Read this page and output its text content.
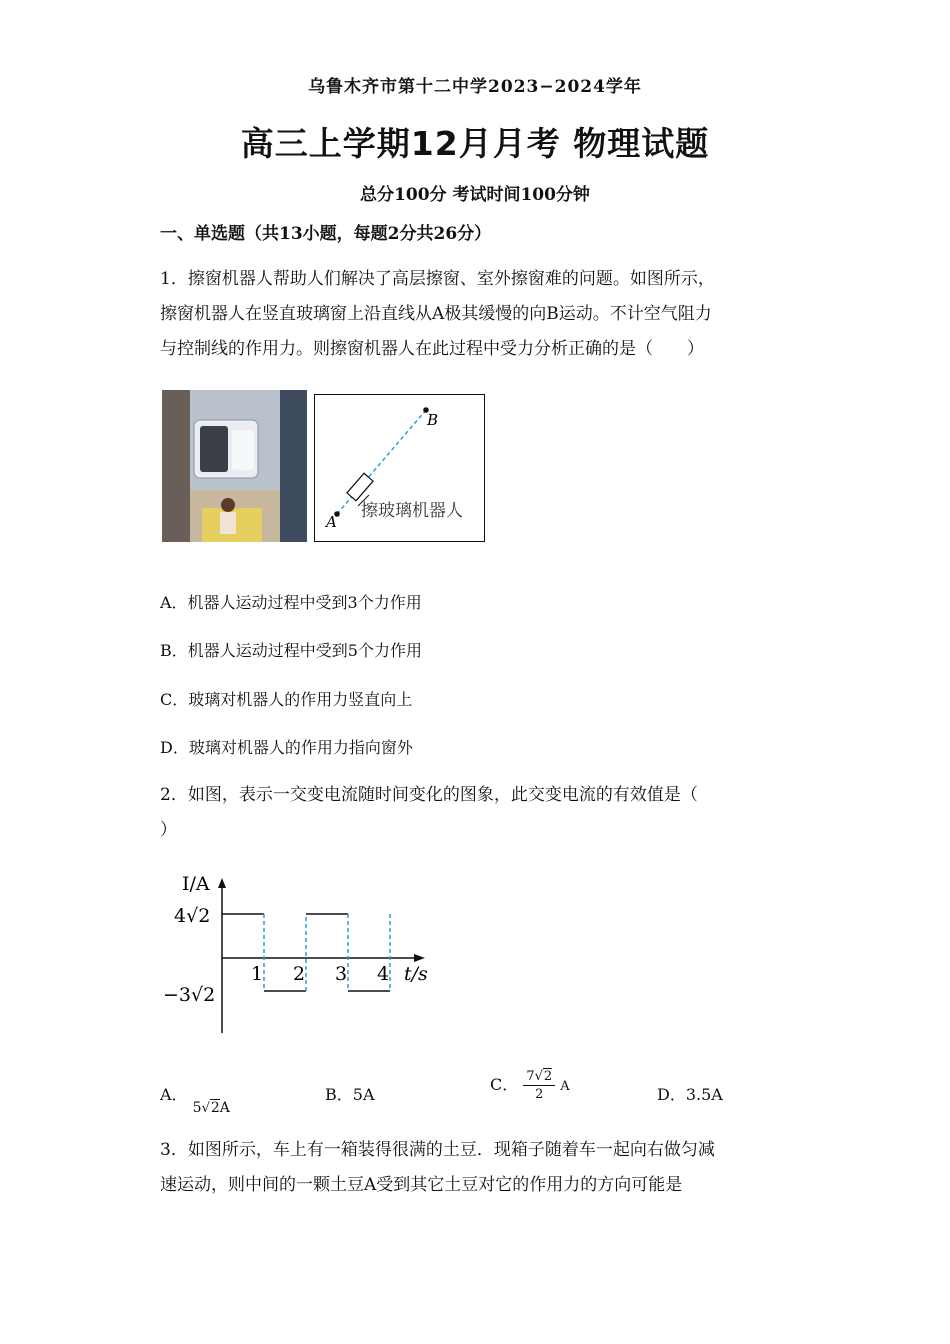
乌鲁木齐市第十二中学2023−2024学年
高三上学期12月月考 物理试题
总分100分 考试时间100分钟
一、单选题（共13小题，每题2分共26分）
1．擦窗机器人帮助人们解决了高层擦窗、室外擦窗难的问题。如图所示，
擦窗机器人在竖直玻璃窗上沿直线从A极其缓慢的向B运动。不计空气阻力
与控制线的作用力。则擦窗机器人在此过程中受力分析正确的是（　　）
A
B
擦玻璃机器人
A．机器人运动过程中受到3个力作用
B．机器人运动过程中受到5个力作用
C．玻璃对机器人的作用力竖直向上
D．玻璃对机器人的作用力指向窗外
2．如图，表示一交变电流随时间变化的图象，此交变电流的有效值是（
）
I/A
t/s
4√2
−3√2
1 2 3 4
A． 5√2A
B．5A
C． $\frac{7√2}{2}$ A	D．3.5A
3．如图所示，车上有一箱装得很满的土豆．现箱子随着车一起向右做匀减
速运动，则中间的一颗土豆A受到其它土豆对它的作用力的方向可能是
